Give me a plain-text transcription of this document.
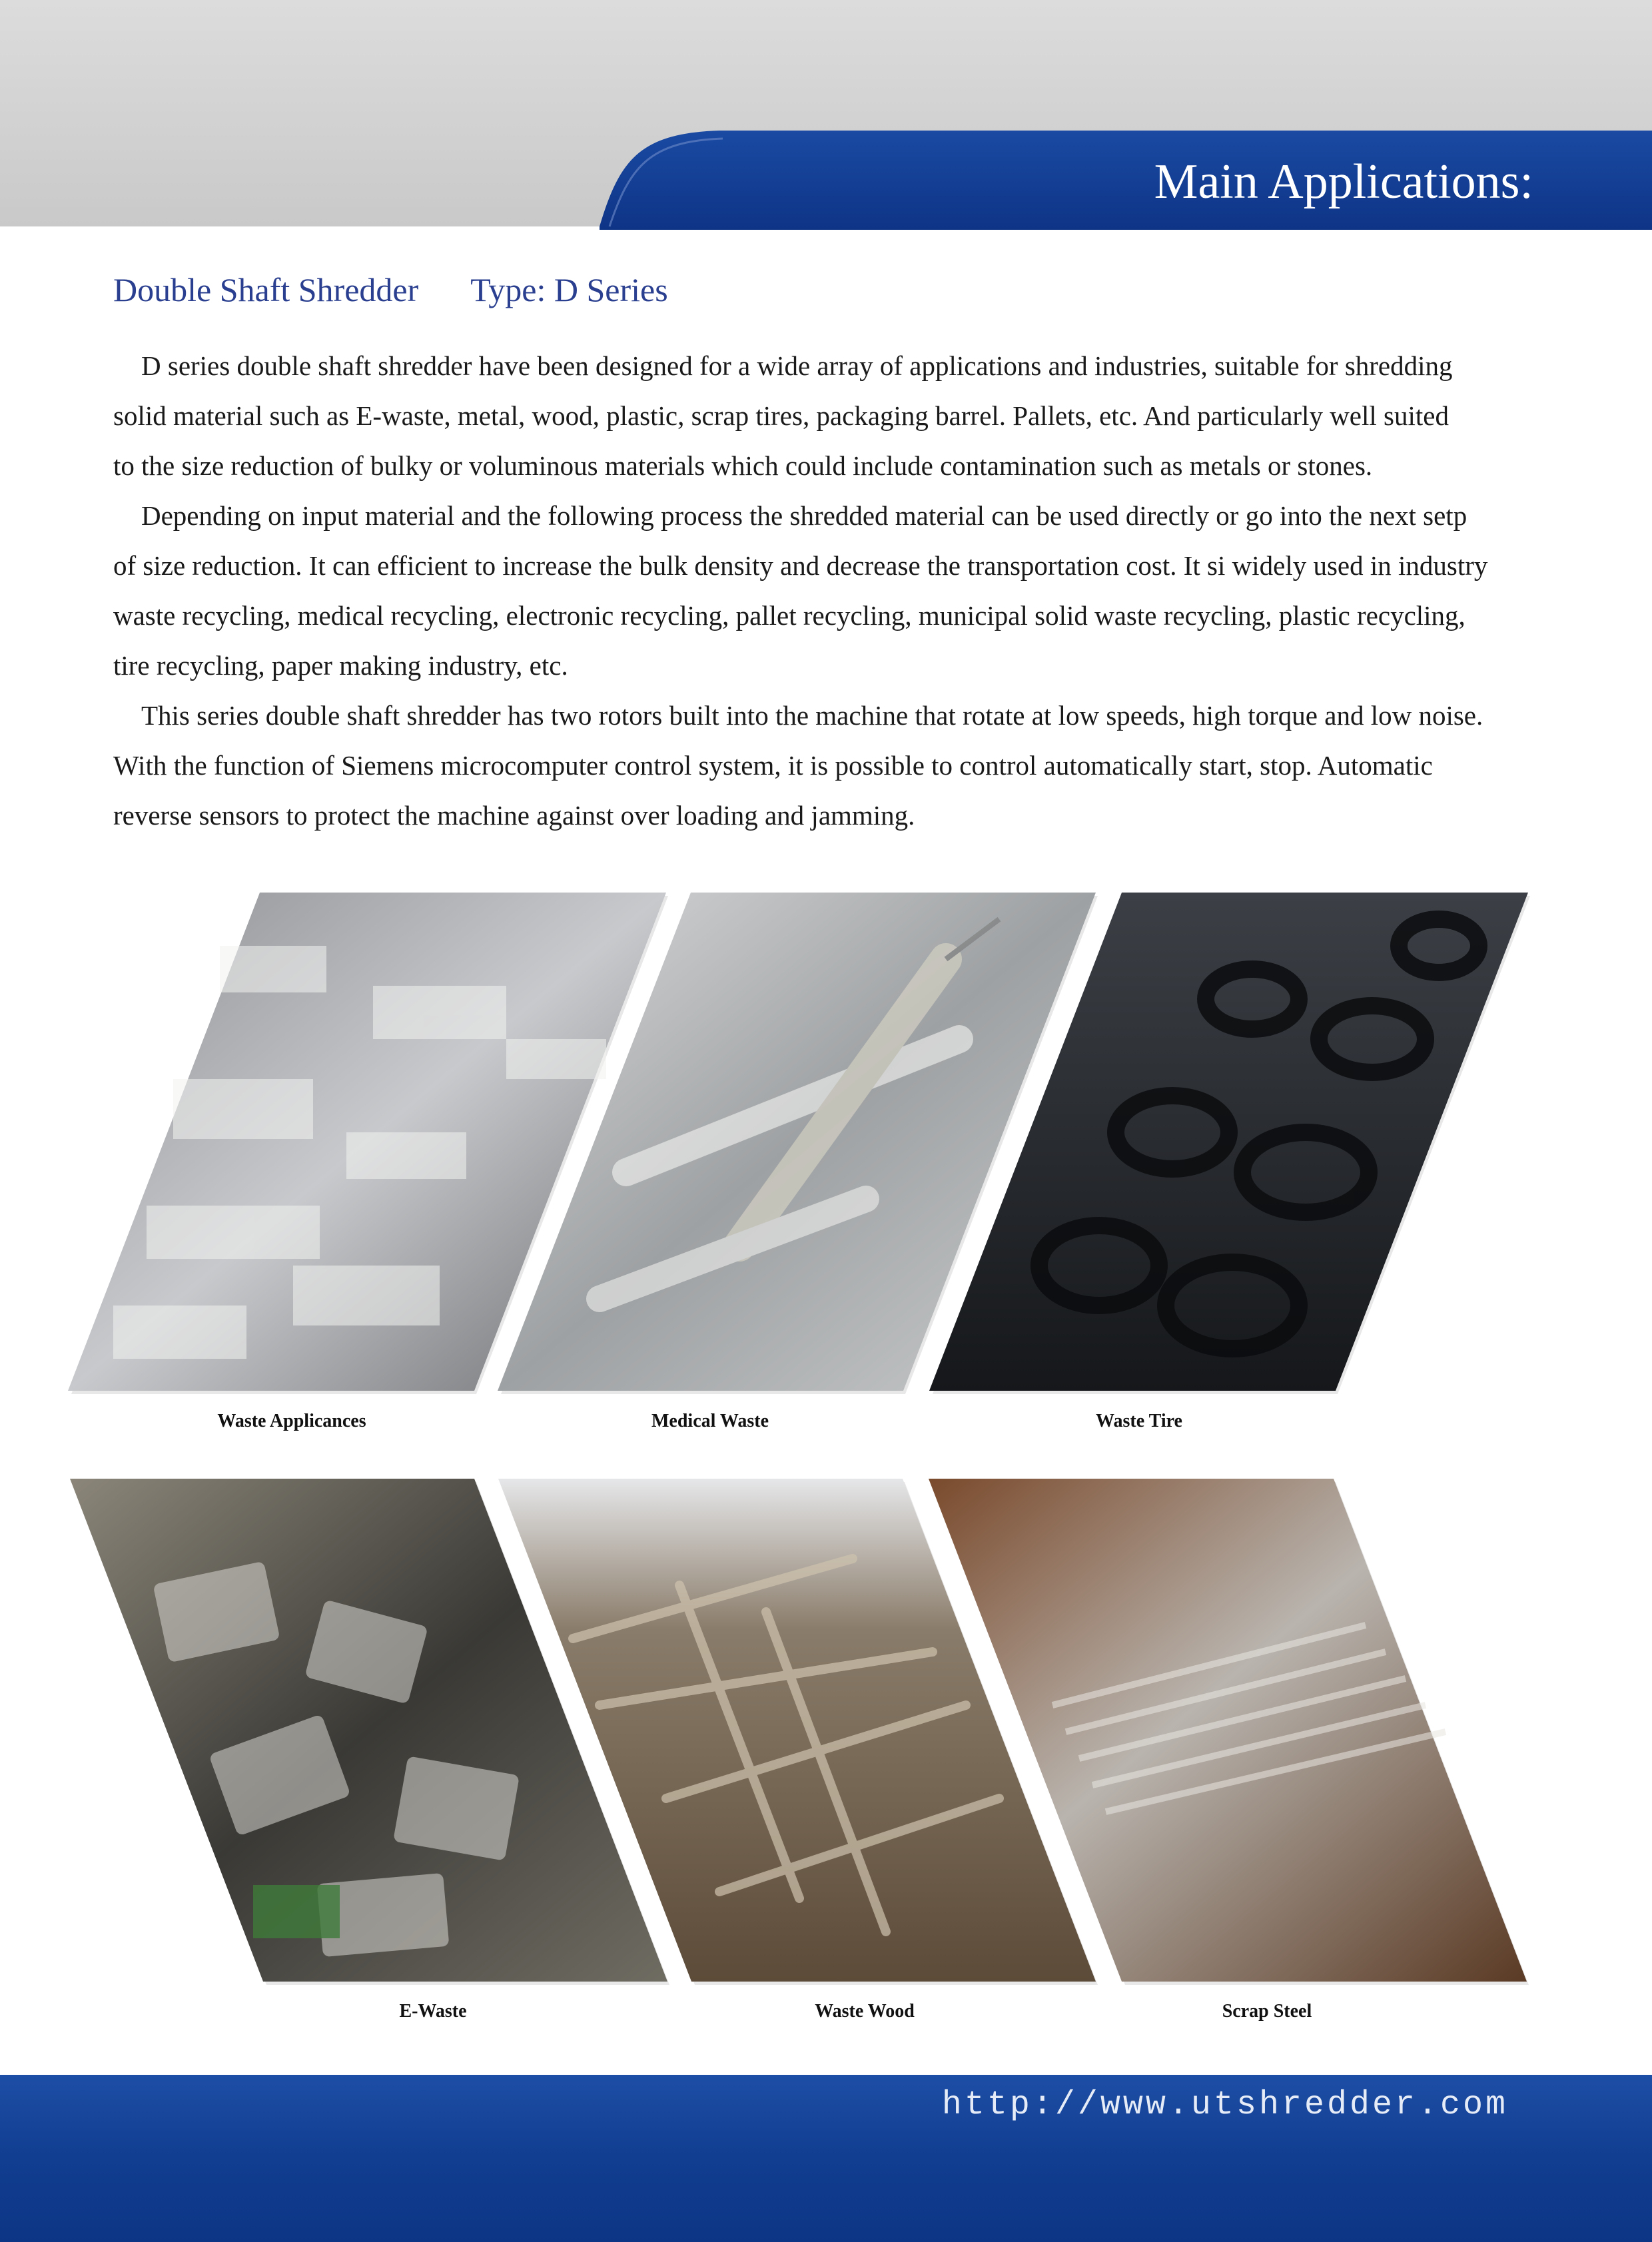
Main Applications:
Double Shaft Shredder Type: D Series

D series double shaft shredder have been designed for a wide array of applications and industries, suitable for shredding
solid material such as E-waste, metal, wood, plastic, scrap tires, packaging barrel. Pallets, etc. And particularly well suited
to the size reduction of bulky or voluminous materials which could include contamination such as metals or stones.

Depending on input material and the following process the shredded material can be used directly or go into the next setp
of size reduction. It can efficient to increase the bulk density and decrease the transportation cost. It si widely used in industry
waste recycling, medical recycling, electronic recycling, pallet recycling, municipal solid waste recycling, plastic recycling,
tire recycling, paper making industry, etc.

This series double shaft shredder has two rotors built into the machine that rotate at low speeds, high torque and low noise.
With the function of Siemens microcomputer control system, it is possible to control automatically start, stop. Automatic
reverse sensors to protect the machine against over loading and jamming.

Waste Applicances	Medical Waste	Waste Tire
E-Waste	Waste Wood	Scrap Steel
http://www.utshredder.com
